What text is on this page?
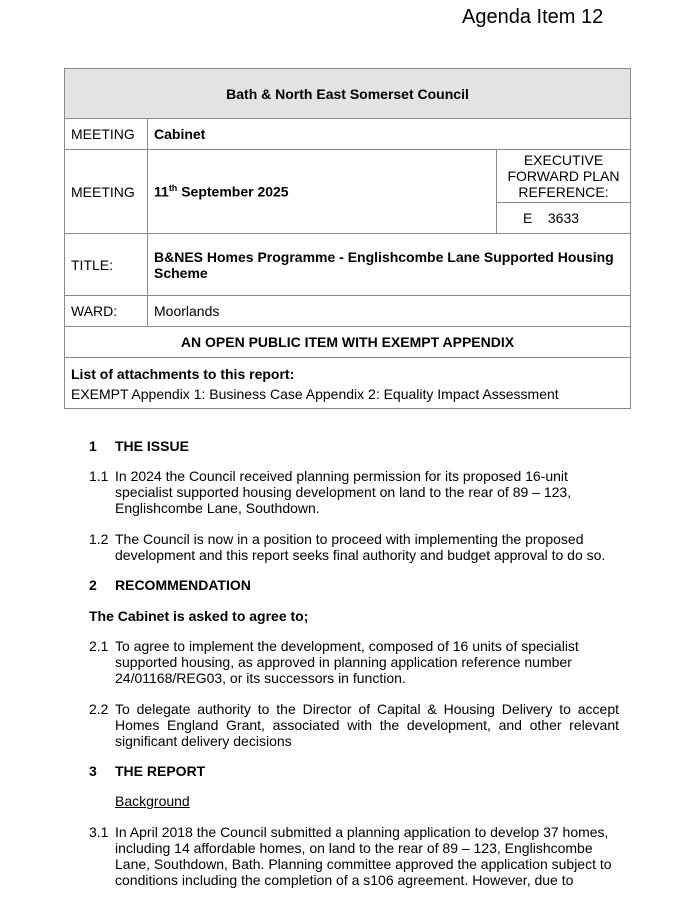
Agenda Item 12
Bath & North East Somerset Council		
MEETING	Cabinet	
MEETING	11th September 2025	EXECUTIVE FORWARD PLAN REFERENCE:
		E    3633
TITLE:	B&NES Homes Programme - Englishcombe Lane Supported Housing Scheme	
WARD:	Moorlands	
AN OPEN PUBLIC ITEM WITH EXEMPT APPENDIX		

List of attachments to this report:
EXEMPT Appendix 1: Business Case Appendix 2: Equality Impact Assessment		
1	THE ISSUE
1.1 In 2024 the Council received planning permission for its proposed 16-unit specialist supported housing development on land to the rear of 89 – 123, Englishcombe Lane, Southdown.
1.2 The Council is now in a position to proceed with implementing the proposed development and this report seeks final authority and budget approval to do so.
2	RECOMMENDATION
The Cabinet is asked to agree to;
2.1 To agree to implement the development, composed of 16 units of specialist supported housing, as approved in planning application reference number 24/01168/REG03, or its successors in function.
2.2 To delegate authority to the Director of Capital & Housing Delivery to accept Homes England Grant, associated with the development, and other relevant significant delivery decisions
3	THE REPORT
Background
3.1 In April 2018 the Council submitted a planning application to develop 37 homes, including 14 affordable homes, on land to the rear of 89 – 123, Englishcombe Lane, Southdown, Bath. Planning committee approved the application subject to conditions including the completion of a s106 agreement. However, due to
